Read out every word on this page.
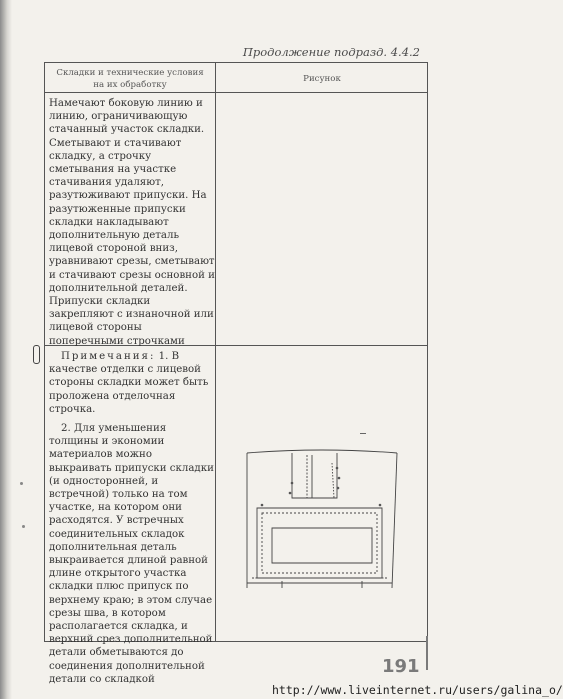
Продолжение подразд. 4.4.2
Складки и технические условия
на их обработку
Рисунок

Намечают боковую линию и линию, ограничивающую стачанный участок складки. Сметывают и стачивают складку, а строчку сметывания на участке стачивания удаляют, разутюживают припуски. На разутюженные припуски складки накладывают дополнительную деталь лицевой стороной вниз, уравнивают срезы, сметывают и стачивают срезы основной и дополнительной деталей. Припуски складки закрепляют с изнаночной или лицевой стороны поперечными строчками

Примечания: 1. В качестве отделки с лицевой стороны складки может быть проложена отделочная строчка.

2. Для уменьшения толщины и экономии материалов можно выкраивать припуски складки (и односторонней, и встречной) только на том участке, на котором они расходятся. У встречных соединительных складок дополнительная деталь выкраивается длиной равной длине открытого участка складки плюс припуск по верхнему краю; в этом случае срезы шва, в котором располагается складка, и верхний срез дополнительной детали обметываются до соединения дополнительной детали со складкой

191
http://www.liveinternet.ru/users/galina_o/
